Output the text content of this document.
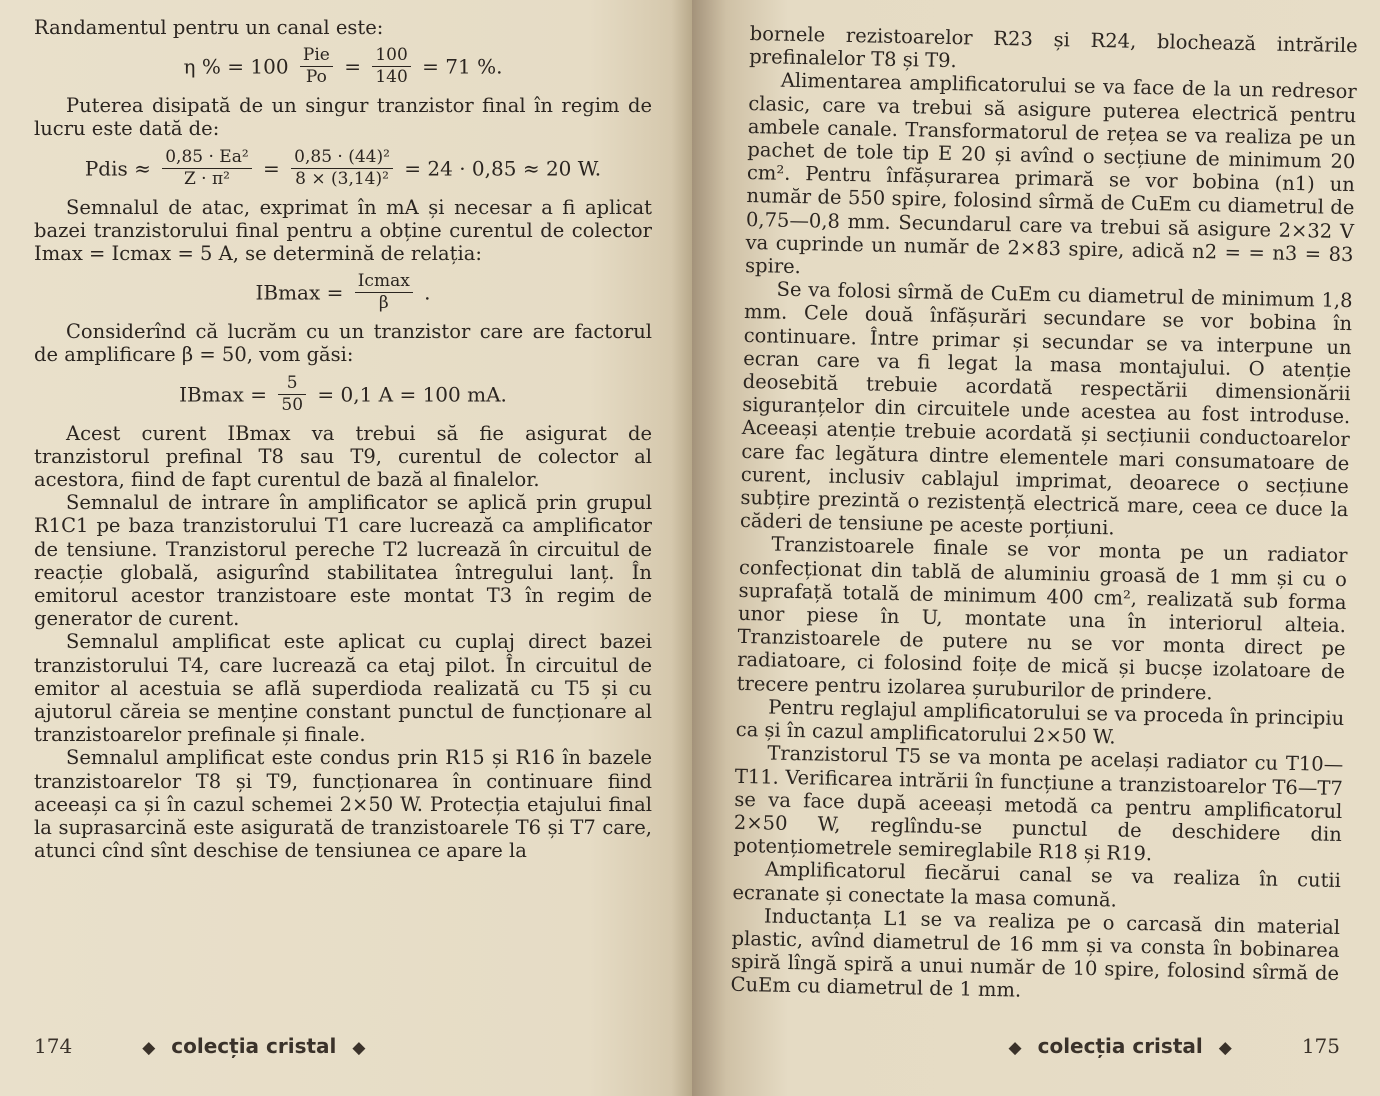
Randamentul pentru un canal este:

η % = $100 \frac{\text{Pie}}{Po} = \frac{100}{140} = 71$ %.

Puterea disipată de un singur tranzistor final în regim de lucru este dată de:

Pdis ≈ $\frac{\text{0,85 · Ea²}}{\text{Z · π²}} = \frac{\text{0,85 · (44)²}}{\text{8 × (3,14)²}} = 24 \cdot 0,85 \approx 20$ W.

Semnalul de atac, exprimat în mA și necesar a fi aplicat bazei tranzistorului final pentru a obține curentul de colector Imax = Icmax = 5 A, se determină de relația:

$IBmax = \frac{Icmax}{\beta}$ .

Considerînd că lucrăm cu un tranzistor care are factorul de amplificare β = 50, vom găsi:

$IBmax = \frac{5}{50} = 0,1$ A = 100 mA.

Acest curent IBmax va trebui să fie asigurat de tranzistorul prefinal T8 sau T9, curentul de colector al acestora, fiind de fapt curentul de bază al finalelor.

Semnalul de intrare în amplificator se aplică prin grupul R1C1 pe baza tranzistorului T1 care lucrează ca amplificator de tensiune. Tranzistorul pereche T2 lucrează în circuitul de reacție globală, asigurînd stabilitatea întregului lanț. În emitorul acestor tranzistoare este montat T3 în regim de generator de curent.

Semnalul amplificat este aplicat cu cuplaj direct bazei tranzistorului T4, care lucrează ca etaj pilot. În circuitul de emitor al acestuia se află superdioda realizată cu T5 și cu ajutorul căreia se menține constant punctul de funcționare al tranzistoarelor prefinale și finale.

Semnalul amplificat este condus prin R15 și R16 în bazele tranzistoarelor T8 și T9, funcționarea în continuare fiind aceeași ca și în cazul schemei 2×50 W. Protecția etajului final la suprasarcină este asigurată de tranzistoarele T6 și T7 care, atunci cînd sînt deschise de tensiunea ce apare la

174	◆ colecția cristal ◆

bornele rezistoarelor R23 și R24, blochează intrările prefinalelor T8 și T9.

Alimentarea amplificatorului se va face de la un redresor clasic, care va trebui să asigure puterea electrică pentru ambele canale. Transformatorul de rețea se va realiza pe un pachet de tole tip E 20 și avînd o secțiune de minimum 20 cm². Pentru înfășurarea primară se vor bobina (n1) un număr de 550 spire, folosind sîrmă de CuEm cu diametrul de 0,75—0,8 mm. Secundarul care va trebui să asigure 2×32 V va cuprinde un număr de 2×83 spire, adică n2 = = n3 = 83 spire.

Se va folosi sîrmă de CuEm cu diametrul de minimum 1,8 mm. Cele două înfășurări secundare se vor bobina în continuare. Între primar și secundar se va interpune un ecran care va fi legat la masa montajului. O atenție deosebită trebuie acordată respectării dimensionării siguranțelor din circuitele unde acestea au fost introduse. Aceeași atenție trebuie acordată și secțiunii conductoarelor care fac legătura dintre elementele mari consumatoare de curent, inclusiv cablajul imprimat, deoarece o secțiune subțire prezintă o rezistență electrică mare, ceea ce duce la căderi de tensiune pe aceste porțiuni.

Tranzistoarele finale se vor monta pe un radiator confecționat din tablă de aluminiu groasă de 1 mm și cu o suprafață totală de minimum 400 cm², realizată sub forma unor piese în U, montate una în interiorul alteia. Tranzistoarele de putere nu se vor monta direct pe radiatoare, ci folosind foițe de mică și bucșe izolatoare de trecere pentru izolarea șuruburilor de prindere.

Pentru reglajul amplificatorului se va proceda în principiu ca și în cazul amplificatorului 2×50 W.

Tranzistorul T5 se va monta pe același radiator cu T10—T11. Verificarea intrării în funcțiune a tranzistoarelor T6—T7 se va face după aceeași metodă ca pentru amplificatorul 2×50 W, reglîndu-se punctul de deschidere din potențiometrele semireglabile R18 și R19.

Amplificatorul fiecărui canal se va realiza în cutii ecranate și conectate la masa comună.

Inductanța L1 se va realiza pe o carcasă din material plastic, avînd diametrul de 16 mm și va consta în bobinarea spiră lîngă spiră a unui număr de 10 spire, folosind sîrmă de CuEm cu diametrul de 1 mm.

◆ colecția cristal ◆	175
